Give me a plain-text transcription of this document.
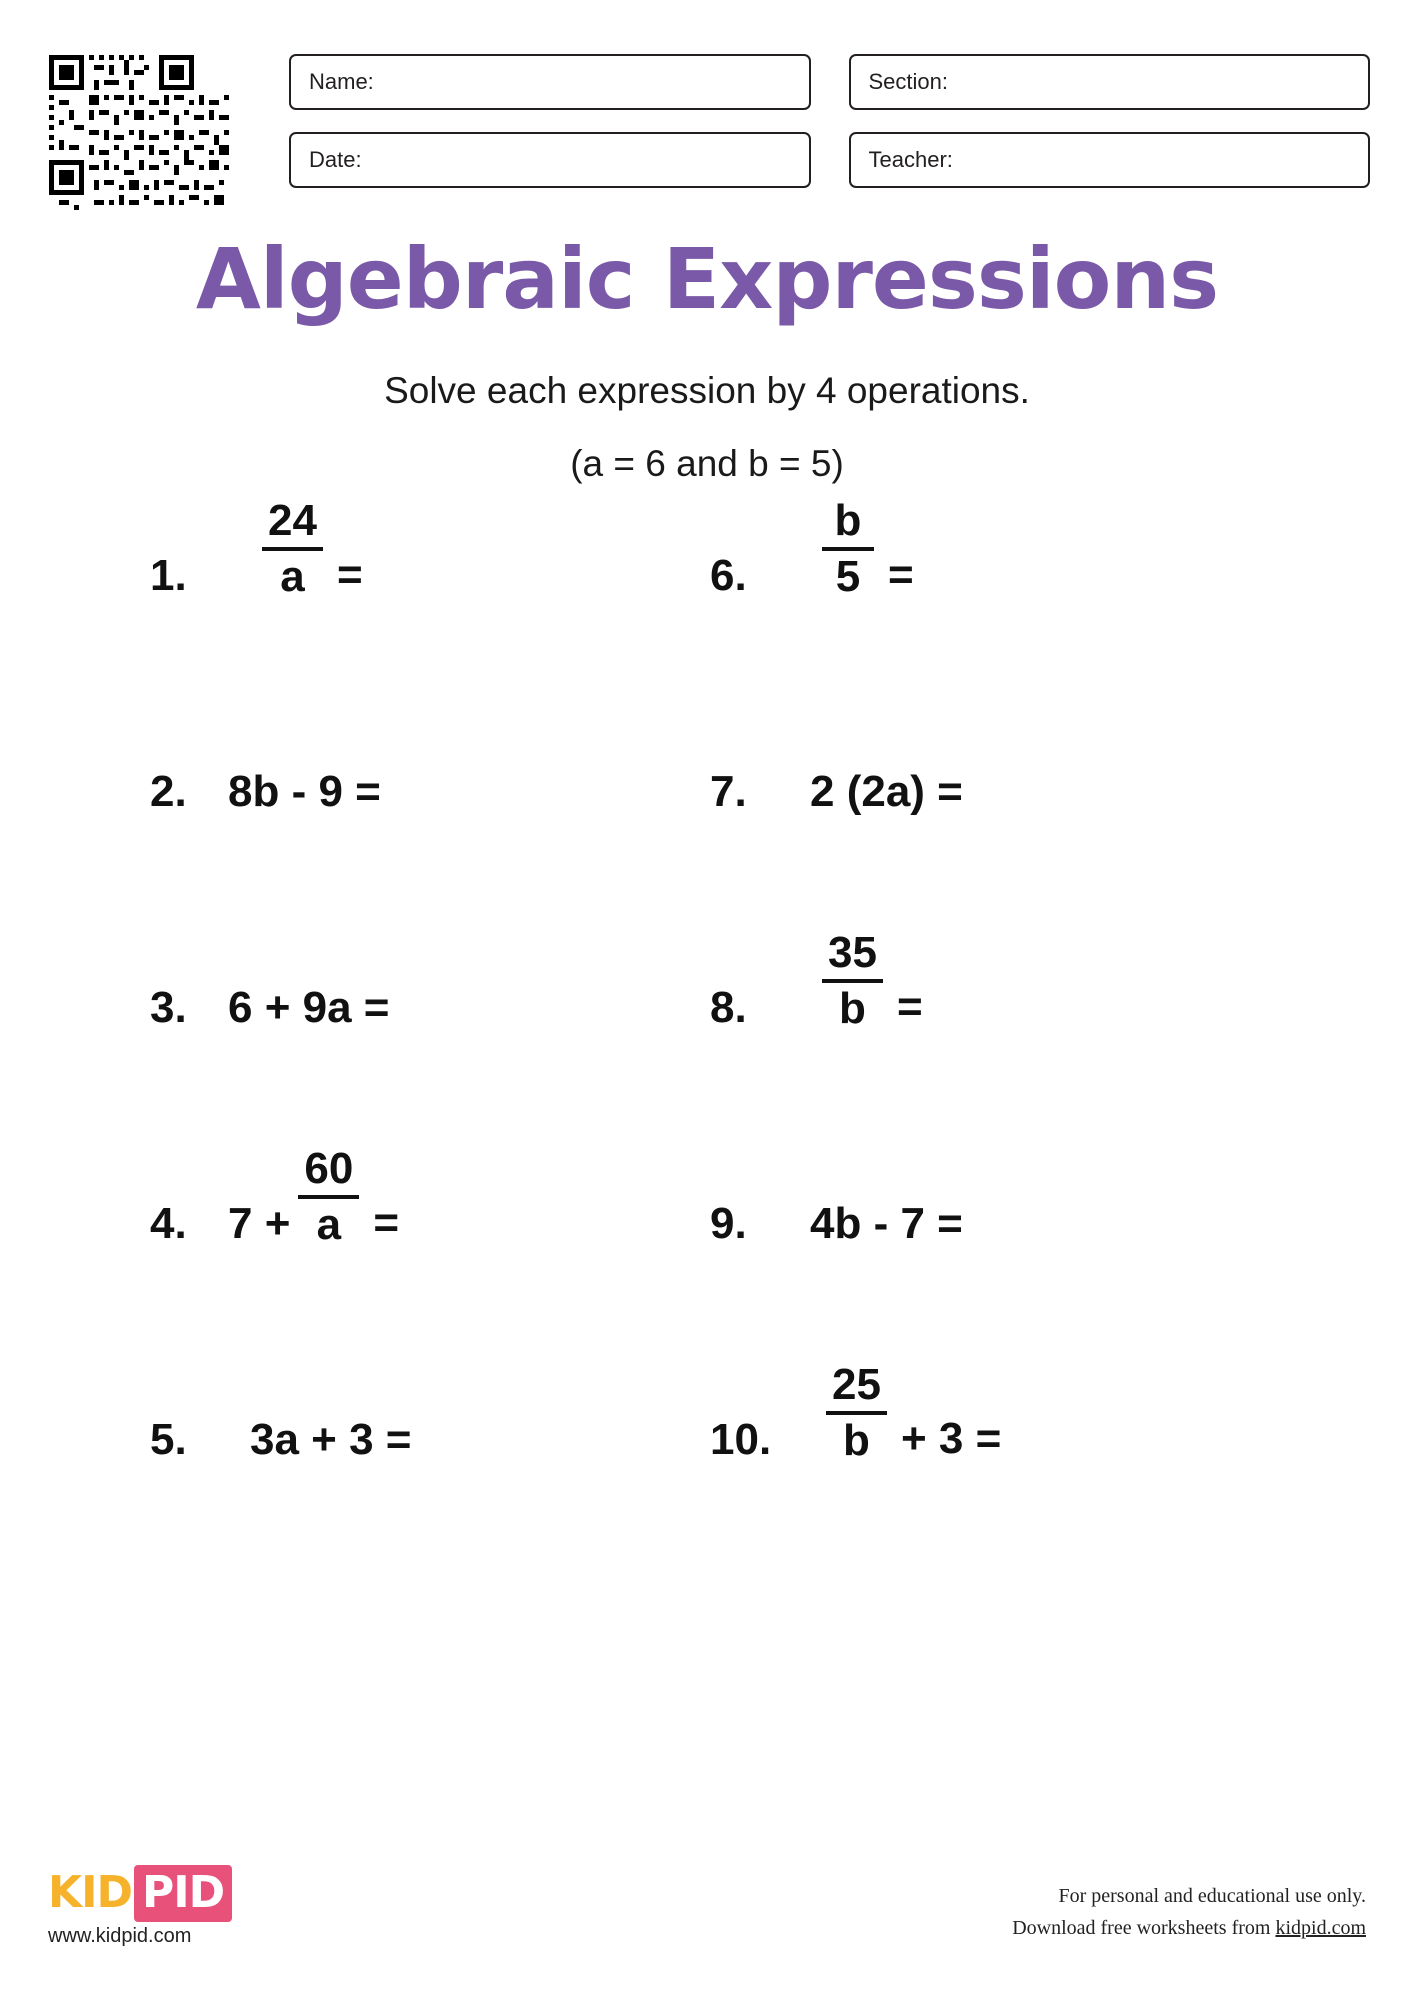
Name:	Section:
Date:	Teacher:
Algebraic Expressions
Solve each expression by 4 operations.
(a = 6 and b = 5)
1.	$\frac{24}{a}$ =	6.	$\frac{b}{5}$ =
2. 8b - 9 =	7.	2 (2a) =
3. 6 + 9a =	8.	$\frac{35}{b}$ =
4. $7 + \frac{60}{a}$ =	9.	4b - 7 =
5.	3a + 3 =	10.	$\frac{25}{b} + 3$ =
KID PID
www.kidpid.com
For personal and educational use only.
Download free worksheets from kidpid.com
